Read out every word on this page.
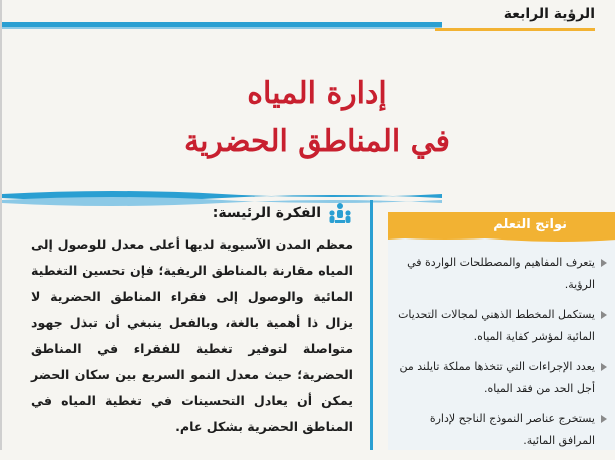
الرؤية الرابعة

إدارة المياه

في المناطق الحضرية

الفكرة الرئيسة:
معظم المدن الآسيوية لديها أعلى معدل للوصول إلى المياه مقارنة بالمناطق الريفية؛ فإن تحسين التغطية المائية والوصول إلى فقراء المناطق الحضرية لا يزال ذا أهمية بالغة، وبالفعل ينبغي أن تبذل جهود متواصلة لتوفير تغطية للفقراء في المناطق الحضرية؛ حيث معدل النمو السريع بين سكان الحضر يمكن أن يعادل التحسينات في تغطية المياه في المناطق الحضرية بشكل عام.
نواتج التعلم
يتعرف المفاهيم والمصطلحات الواردة في الرؤية.
يستكمل المخطط الذهني لمجالات التحديات المائية لمؤشر كفاية المياه.
يعدد الإجراءات التي تتخذها مملكة تايلند من أجل الحد من فقد المياه.
يستخرج عناصر النموذج الناجح لإدارة المرافق المائية.
